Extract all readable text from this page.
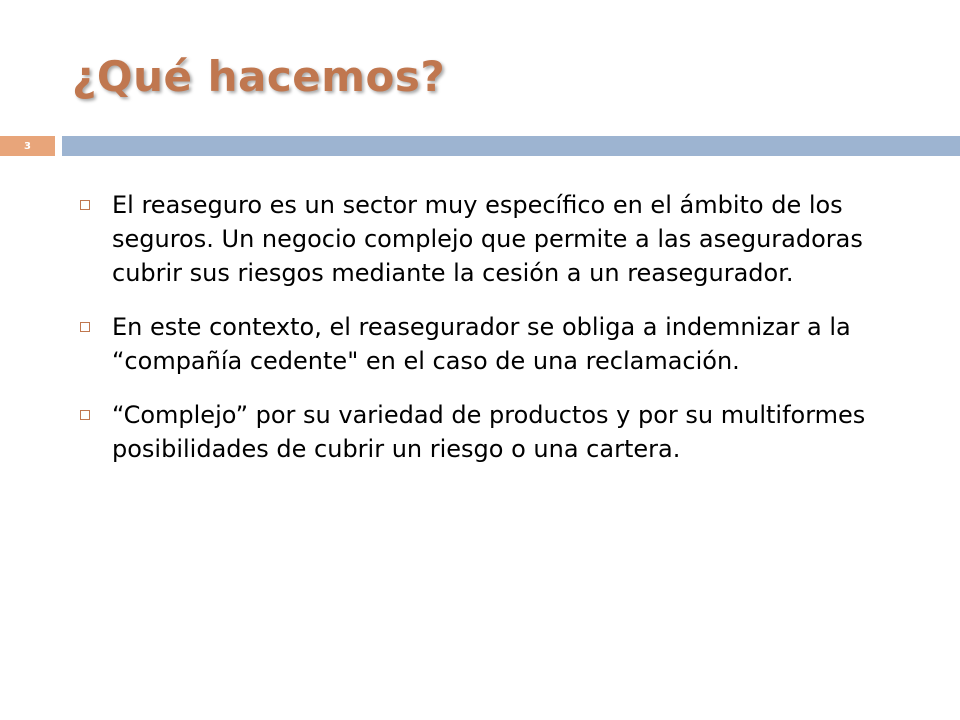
¿Qué hacemos?
3
El reaseguro es un sector muy específico en el ámbito de los seguros. Un negocio complejo que permite a las aseguradoras cubrir sus riesgos mediante la cesión a un reasegurador.
En este contexto, el reasegurador se obliga a indemnizar a la “compañía cedente" en el caso de una reclamación.
“Complejo” por su variedad de productos y por su multiformes posibilidades de cubrir un riesgo o una cartera.
